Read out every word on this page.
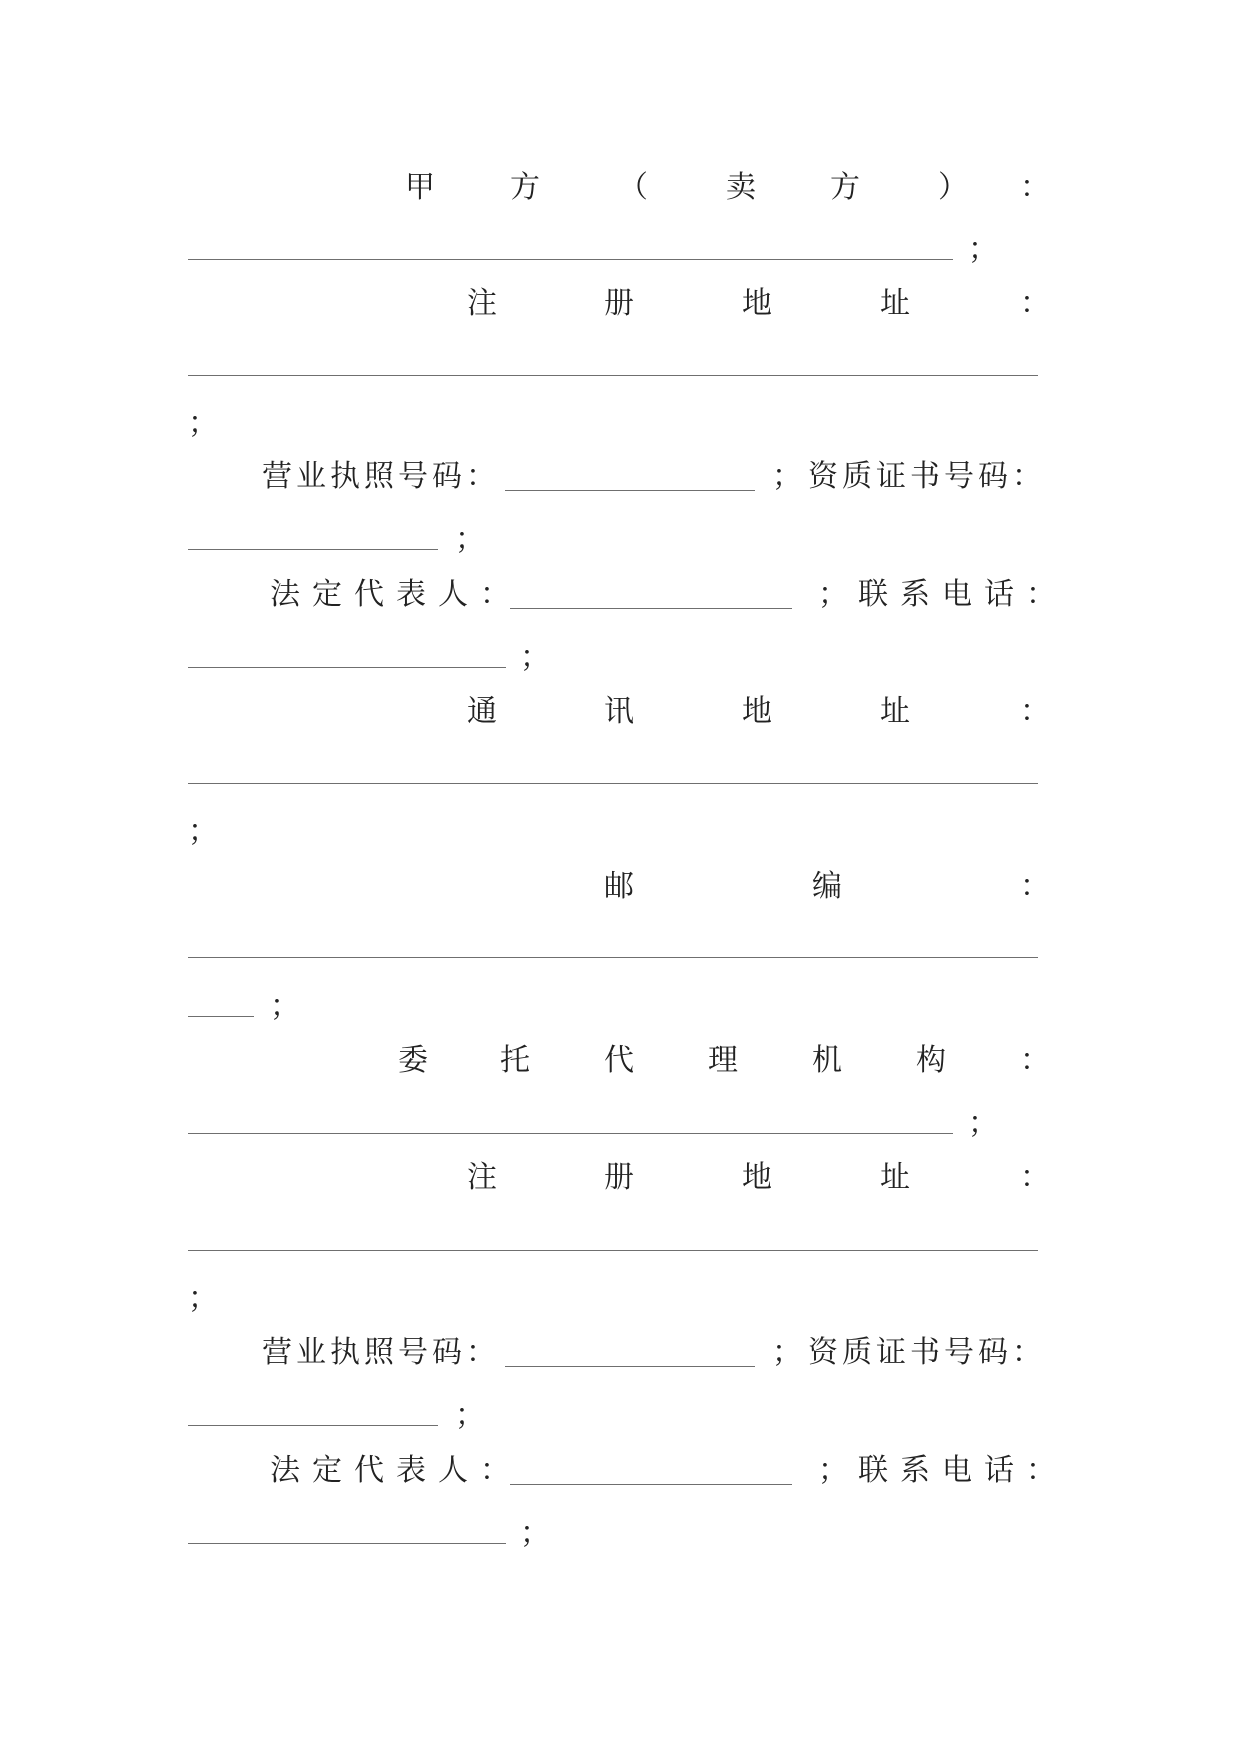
甲	方	（	卖 方	） ：
；
注	册	地	址	：
；
营业执照号码：	； 资质证书号码：
；
法定代表人：	； 联系电话：
；
通	讯	地	址	：
；
邮	编	：
；
委 托 代 理 机 构 ：
；
注	册	地	址	：
；
营业执照号码：	； 资质证书号码：
；
法定代表人：	； 联系电话：
；
